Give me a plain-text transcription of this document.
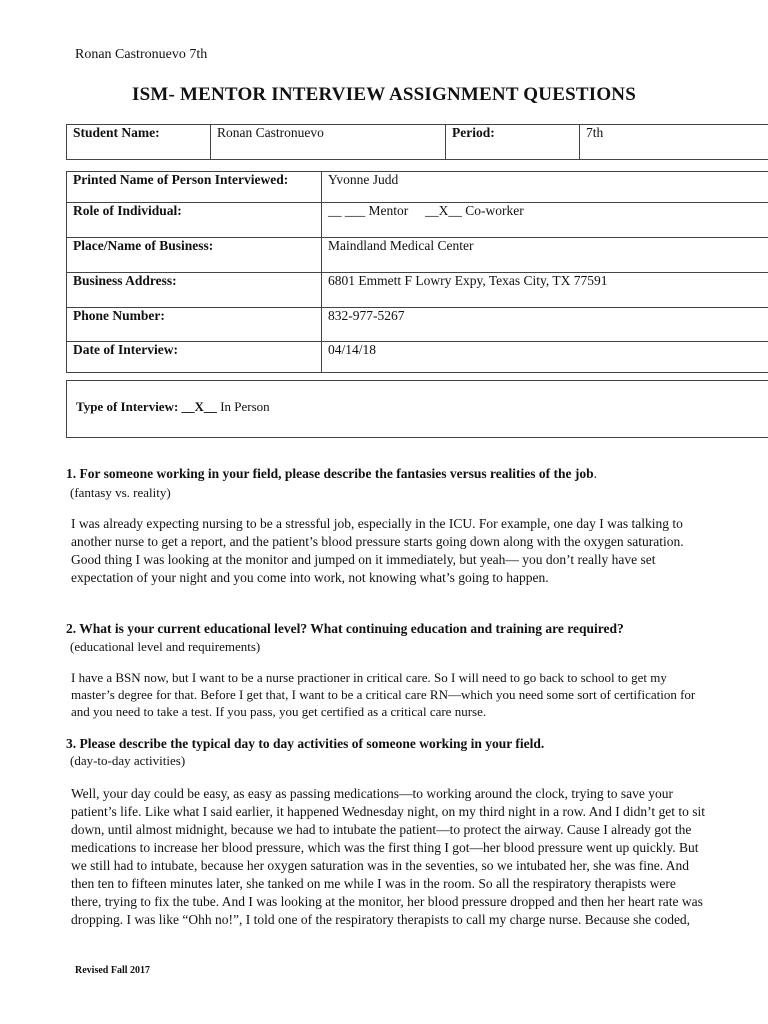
Ronan Castronuevo 7th
ISM- MENTOR INTERVIEW ASSIGNMENT QUESTIONS
Student Name:	Ronan Castronuevo	Period:	7th
Printed Name of Person Interviewed:	Yvonne Judd
Role of Individual:	__ ___ Mentor __X__ Co-worker
Place/Name of Business:	Maindland Medical Center
Business Address:	6801 Emmett F Lowry Expy, Texas City, TX 77591
Phone Number:	832-977-5267
Date of Interview:	04/14/18
Type of Interview: __X__ In Person
1. For someone working in your field, please describe the fantasies versus realities of the job.
(fantasy vs. reality)
I was already expecting nursing to be a stressful job, especially in the ICU. For example, one day I was talking to another nurse to get a report, and the patient’s blood pressure starts going down along with the oxygen saturation. Good thing I was looking at the monitor and jumped on it immediately, but yeah— you don’t really have set expectation of your night and you come into work, not knowing what’s going to happen.
2. What is your current educational level? What continuing education and training are required?
(educational level and requirements)
I have a BSN now, but I want to be a nurse practioner in critical care. So I will need to go back to school to get my master’s degree for that. Before I get that, I want to be a critical care RN—which you need some sort of certification for and you need to take a test. If you pass, you get certified as a critical care nurse.
3. Please describe the typical day to day activities of someone working in your field.
(day-to-day activities)
Well, your day could be easy, as easy as passing medications—to working around the clock, trying to save your patient’s life. Like what I said earlier, it happened Wednesday night, on my third night in a row. And I didn’t get to sit down, until almost midnight, because we had to intubate the patient—to protect the airway. Cause I already got the medications to increase her blood pressure, which was the first thing I got—her blood pressure went up quickly. But we still had to intubate, because her oxygen saturation was in the seventies, so we intubated her, she was fine. And then ten to fifteen minutes later, she tanked on me while I was in the room. So all the respiratory therapists were there, trying to fix the tube. And I was looking at the monitor, her blood pressure dropped and then her heart rate was dropping. I was like “Ohh no!”, I told one of the respiratory therapists to call my charge nurse. Because she coded,
Revised Fall 2017
